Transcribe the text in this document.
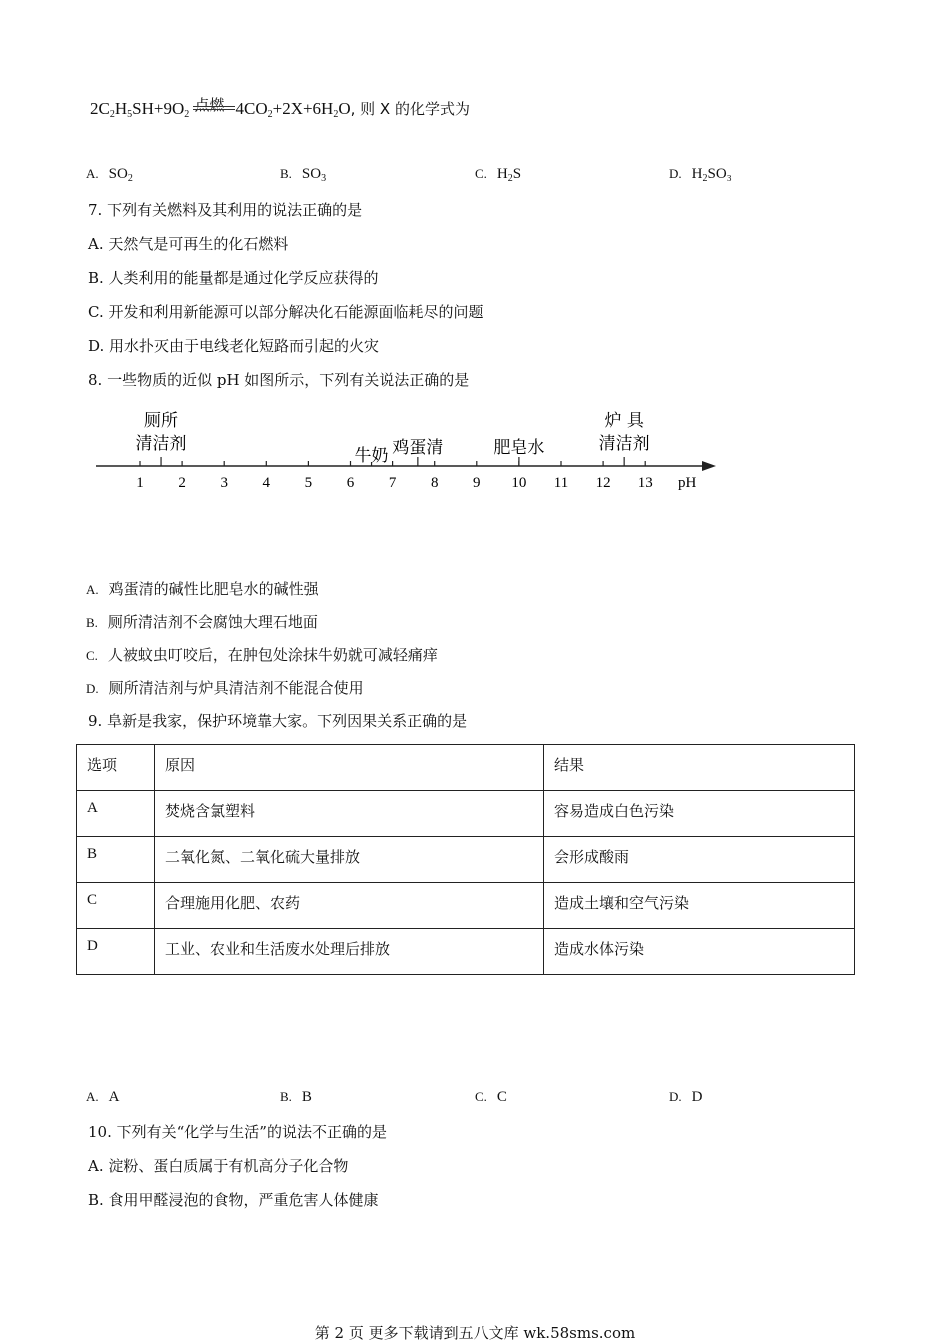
$2C_2H_5SH+9O_2$
点燃 $4CO_2+2X+6H_2O$, 则 X 的化学式为
A. $SO_2$	B. $SO_3$	C. $H_2S$	D. $H_2SO_3$
7. 下列有关燃料及其利用的说法正确的是
A. 天然气是可再生的化石燃料
B. 人类利用的能量都是通过化学反应获得的
C. 开发和利用新能源可以部分解决化石能源面临耗尽的问题
D. 用水扑灭由于电线老化短路而引起的火灾
8. 一些物质的近似 pH 如图所示，下列有关说法正确的是
1 2 3 4 5 6 7 8 9 10 11 12 13 pH
厕所
清洁剂
牛奶 鸡蛋清	肥皂水
炉 具
清洁剂
A. 鸡蛋清的碱性比肥皂水的碱性强
B. 厕所清洁剂不会腐蚀大理石地面
C. 人被蚊虫叮咬后，在肿包处涂抹牛奶就可减轻痛痒
D. 厕所清洁剂与炉具清洁剂不能混合使用
9. 阜新是我家，保护环境靠大家。下列因果关系正确的是
选项	原因	结果
A	焚烧含氯塑料	容易造成白色污染
B	二氧化氮、二氧化硫大量排放	会形成酸雨
C	合理施用化肥、农药	造成土壤和空气污染
D	工业、农业和生活废水处理后排放	造成水体污染
A. A	B. B	C. C	D. D
10. 下列有关“化学与生活”的说法不正确的是
A. 淀粉、蛋白质属于有机高分子化合物
B. 食用甲醛浸泡的食物，严重危害人体健康
第 2 页 更多下载请到五八文库 wk.58sms.com
